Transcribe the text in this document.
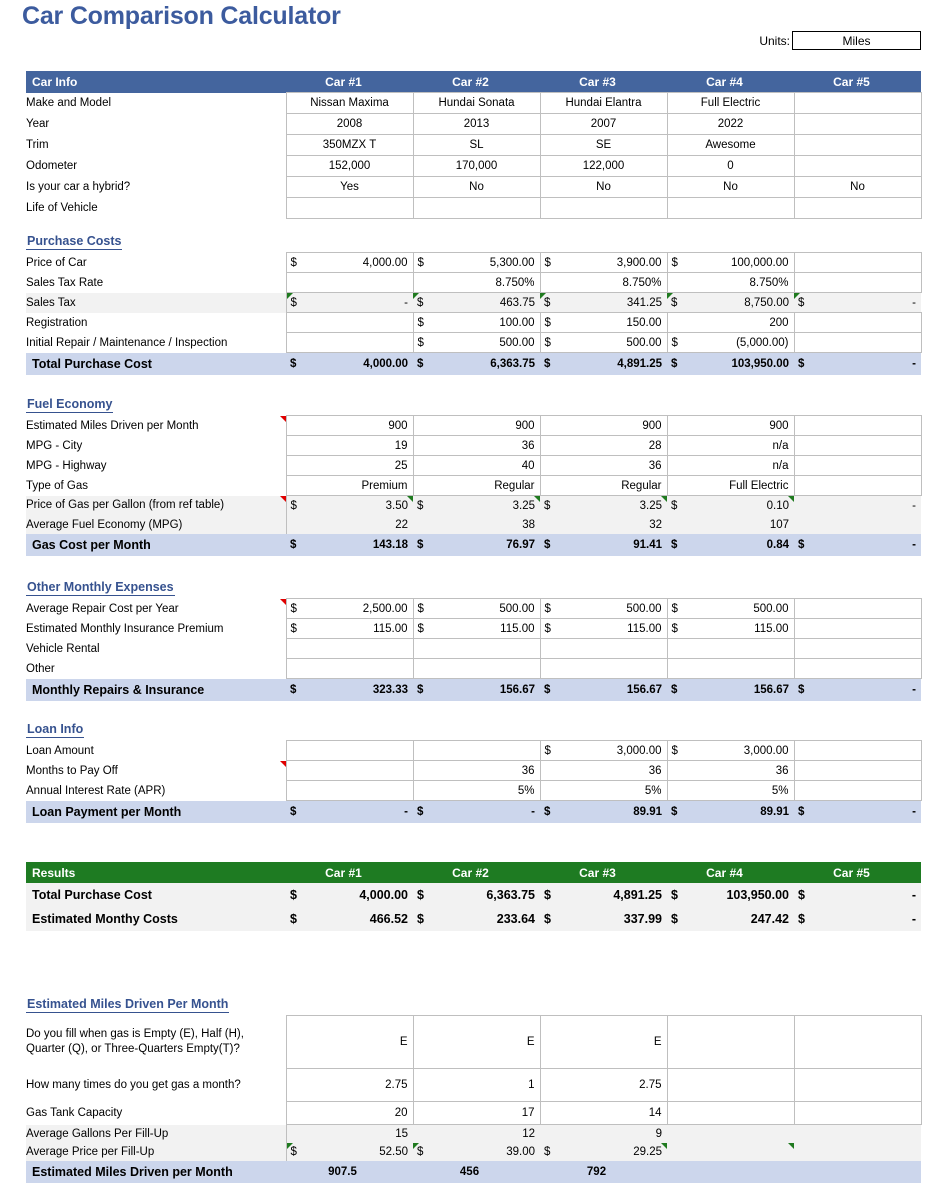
Car Comparison Calculator
Units:	Miles
Car Info	Car #1	Car #2	Car #3	Car #4	Car #5
Make and Model	Nissan Maxima	Hundai Sonata	Hundai Elantra	Full Electric	
Year	2008	2013	2007	2022	
Trim	350MZX T	SL	SE	Awesome	
Odometer	152,000	170,000	122,000	0	
Is your car a hybrid?	Yes	No	No	No	No
Life of Vehicle					
Purchase Costs
Price of Car	$ 4,000.00	$ 5,300.00	$ 3,900.00	$ 100,000.00	

Sales Tax Rate		8.750%	8.750%	8.750%	
Sales Tax	$ -	$ 463.75	$ 341.25	$ 8,750.00	$ -

Registration		$ 100.00	$ 150.00	200	
Initial Repair / Maintenance / Inspection		$ 500.00	$ 500.00	$ (5,000.00)	

Total Purchase Cost	$ 4,000.00	$ 6,363.75	$ 4,891.25	$ 103,950.00	$ -
Fuel Economy
Estimated Miles Driven per Month	900	900	900	900	
MPG - City	19	36	28	n/a	
MPG - Highway	25	40	36	n/a	
Type of Gas	Premium	Regular	Regular	Full Electric	

Price of Gas per Gallon (from ref table)	$ 3.50	$ 3.25	$ 3.25	$ 0.10	-
Average Fuel Economy (MPG)	22	38	32	107	
Gas Cost per Month	$ 143.18	$ 76.97	$ 91.41	$ 0.84	$ -
Other Monthly Expenses
Average Repair Cost per Year	$ 2,500.00	$ 500.00	$ 500.00	$ 500.00	

Estimated Monthly Insurance Premium	$ 115.00	$ 115.00	$ 115.00	$ 115.00	

Vehicle Rental					
Other					
Monthly Repairs & Insurance	$ 323.33	$ 156.67	$ 156.67	$ 156.67	$ -
Loan Info
Loan Amount			$ 3,000.00	$ 3,000.00	

Months to Pay Off		36	36	36	
Annual Interest Rate (APR)		5%	5%	5%	
Loan Payment per Month	$ -	$ -	$ 89.91	$ 89.91	$ -
Results	Car #1	Car #2	Car #3	Car #4	Car #5
Total Purchase Cost	$ 4,000.00	$ 6,363.75	$ 4,891.25	$ 103,950.00	$ -

Estimated Monthy Costs	$ 466.52	$ 233.64	$ 337.99	$ 247.42	$ -
Estimated Miles Driven Per Month
Do you fill when gas is Empty (E), Half (H), Quarter (Q), or Three-Quarters Empty(T)?	E	E	E		
How many times do you get gas a month?	2.75	1	2.75		
Gas Tank Capacity	20	17	14		
Average Gallons Per Fill-Up	15	12	9		
Average Price per Fill-Up	$ 52.50	$ 39.00	$ 29.25		

Estimated Miles Driven per Month	907.5	456	792		
